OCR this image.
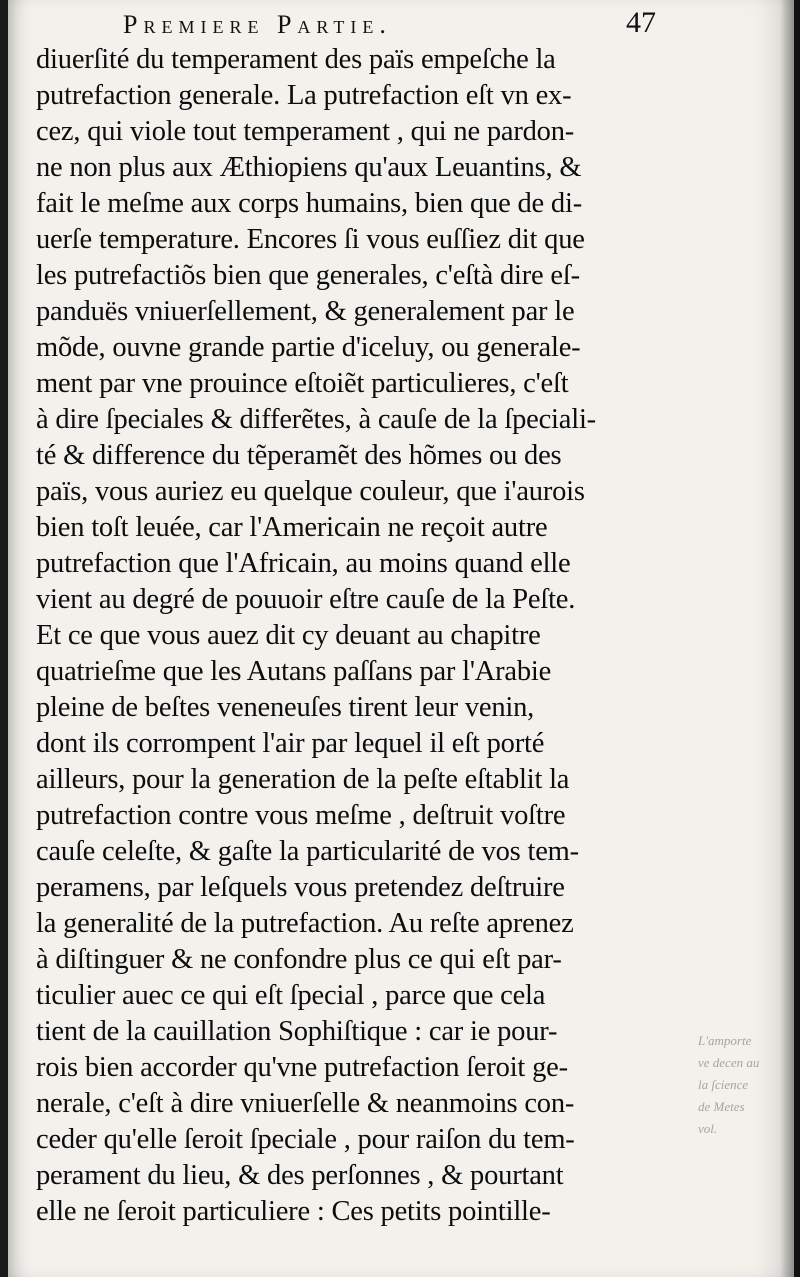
Premiere Partie.	47
diuerſité du temperament des païs empeſche la
putrefaction generale. La putrefaction eſt vn ex-
cez, qui viole tout temperament , qui ne pardon-
ne non plus aux Æthiopiens qu'aux Leuantins, &
fait le meſme aux corps humains, bien que de di-
uerſe temperature. Encores ſi vous euſſiez dit que
les putrefactiõs bien que generales, c'eſtà dire eſ-
panduës vniuerſellement, & generalement par le
mõde, ouvne grande partie d'iceluy, ou generale-
ment par vne prouince eſtoiẽt particulieres, c'eſt
à dire ſpeciales & differẽtes, à cauſe de la ſpeciali-
té & difference du tẽperamẽt des hõmes ou des
païs, vous auriez eu quelque couleur, que i'aurois
bien toſt leuée, car l'Americain ne reçoit autre
putrefaction que l'Africain, au moins quand elle
vient au degré de pouuoir eſtre cauſe de la Peſte.
Et ce que vous auez dit cy deuant au chapitre
quatrieſme que les Autans paſſans par l'Arabie
pleine de beſtes veneneuſes tirent leur venin,
dont ils corrompent l'air par lequel il eſt porté
ailleurs, pour la generation de la peſte eſtablit la
putrefaction contre vous meſme , deſtruit voſtre
cauſe celeſte, & gaſte la particularité de vos tem-
peramens, par leſquels vous pretendez deſtruire
la generalité de la putrefaction. Au reſte aprenez
à diſtinguer & ne confondre plus ce qui eſt par-
ticulier auec ce qui eſt ſpecial , parce que cela
tient de la cauillation Sophiſtique : car ie pour-
rois bien accorder qu'vne putrefaction ſeroit ge-
nerale, c'eſt à dire vniuerſelle & neanmoins con-
ceder qu'elle ſeroit ſpeciale , pour raiſon du tem-
perament du lieu, & des perſonnes , & pourtant
elle ne ſeroit particuliere : Ces petits pointille-
L'amporte
ve decen au
la ſcience
de Metes
vol.
